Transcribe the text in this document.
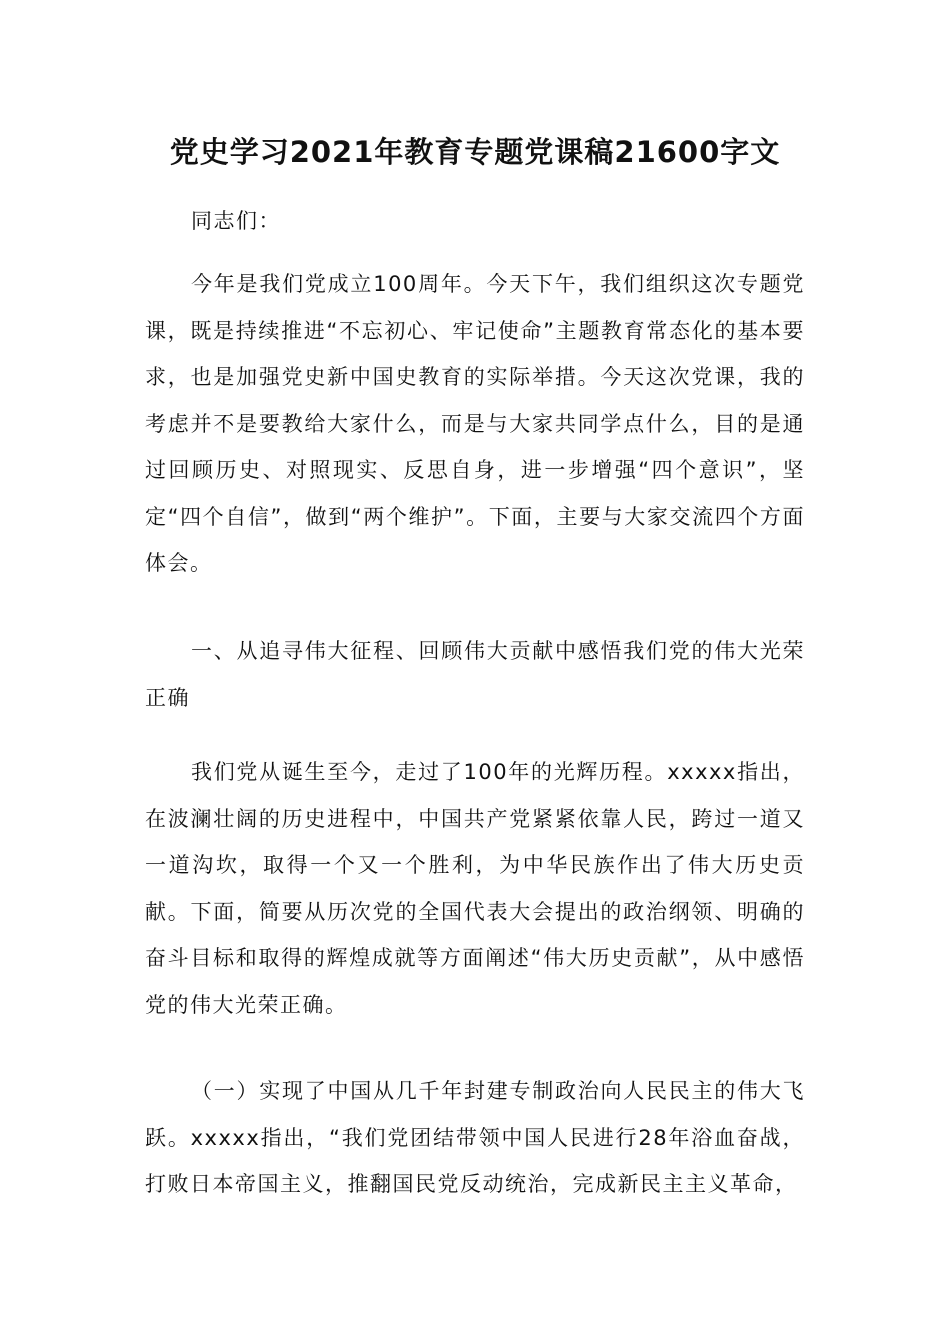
党史学习2021年教育专题党课稿21600字文

同志们：

今年是我们党成立100周年。今天下午，我们组织这次专题党课，既是持续推进“不忘初心、牢记使命”主题教育常态化的基本要求，也是加强党史新中国史教育的实际举措。今天这次党课，我的考虑并不是要教给大家什么，而是与大家共同学点什么，目的是通过回顾历史、对照现实、反思自身，进一步增强“四个意识”，坚定“四个自信”，做到“两个维护”。下面，主要与大家交流四个方面体会。

一、从追寻伟大征程、回顾伟大贡献中感悟我们党的伟大光荣正确

我们党从诞生至今，走过了100年的光辉历程。xxxxx指出，在波澜壮阔的历史进程中，中国共产党紧紧依靠人民，跨过一道又一道沟坎，取得一个又一个胜利，为中华民族作出了伟大历史贡献。下面，简要从历次党的全国代表大会提出的政治纲领、明确的奋斗目标和取得的辉煌成就等方面阐述“伟大历史贡献”，从中感悟党的伟大光荣正确。

（一）实现了中国从几千年封建专制政治向人民民主的伟大飞跃。xxxxx指出，“我们党团结带领中国人民进行28年浴血奋战，打败日本帝国主义，推翻国民党反动统治，完成新民主主义革命，
